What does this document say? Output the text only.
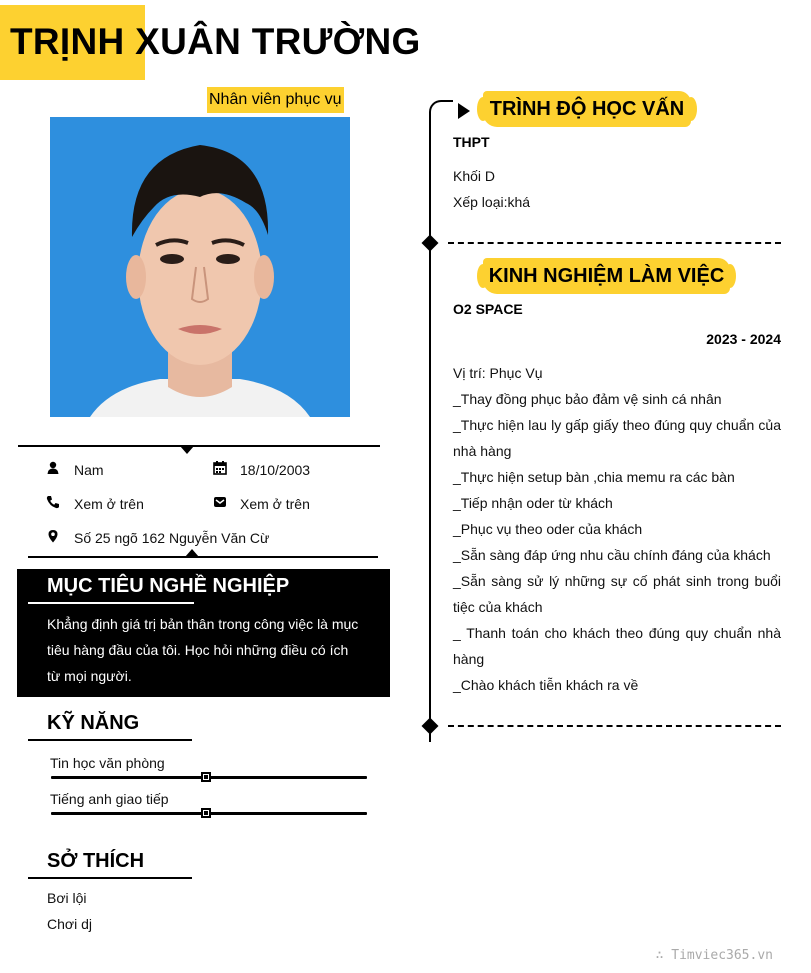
TRỊNH XUÂN TRƯỜNG
Nhân viên phục vụ
Nam	18/10/2003
Xem ở trên	Xem ở trên
Số 25 ngõ 162 Nguyễn Văn Cừ
MỤC TIÊU NGHỀ NGHIỆP
Khẳng định giá trị bản thân trong công việc là mục tiêu hàng đầu của tôi. Học hỏi những điều có ích từ mọi người.
KỸ NĂNG
Tin học văn phòng
Tiếng anh giao tiếp
SỞ THÍCH
Bơi lội
Chơi dj
TRÌNH ĐỘ HỌC VẤN
THPT
Khối D
Xếp loại:khá
KINH NGHIỆM LÀM VIỆC
O2 SPACE
2023 - 2024
Vị trí: Phục Vụ
_Thay đồng phục bảo đảm vệ sinh cá nhân
_Thực hiện lau ly gấp giấy theo đúng quy chuẩn của nhà hàng
_Thực hiện setup bàn ,chia memu ra các bàn
_Tiếp nhận oder từ khách
_Phục vụ theo oder của khách
_Sẵn sàng đáp ứng nhu cầu chính đáng của khách
_Sẵn sàng sử lý những sự cố phát sinh trong buổi tiệc của khách
_ Thanh toán cho khách theo đúng quy chuẩn nhà hàng
_Chào khách tiễn khách ra về
∴ Timviec365.vn
